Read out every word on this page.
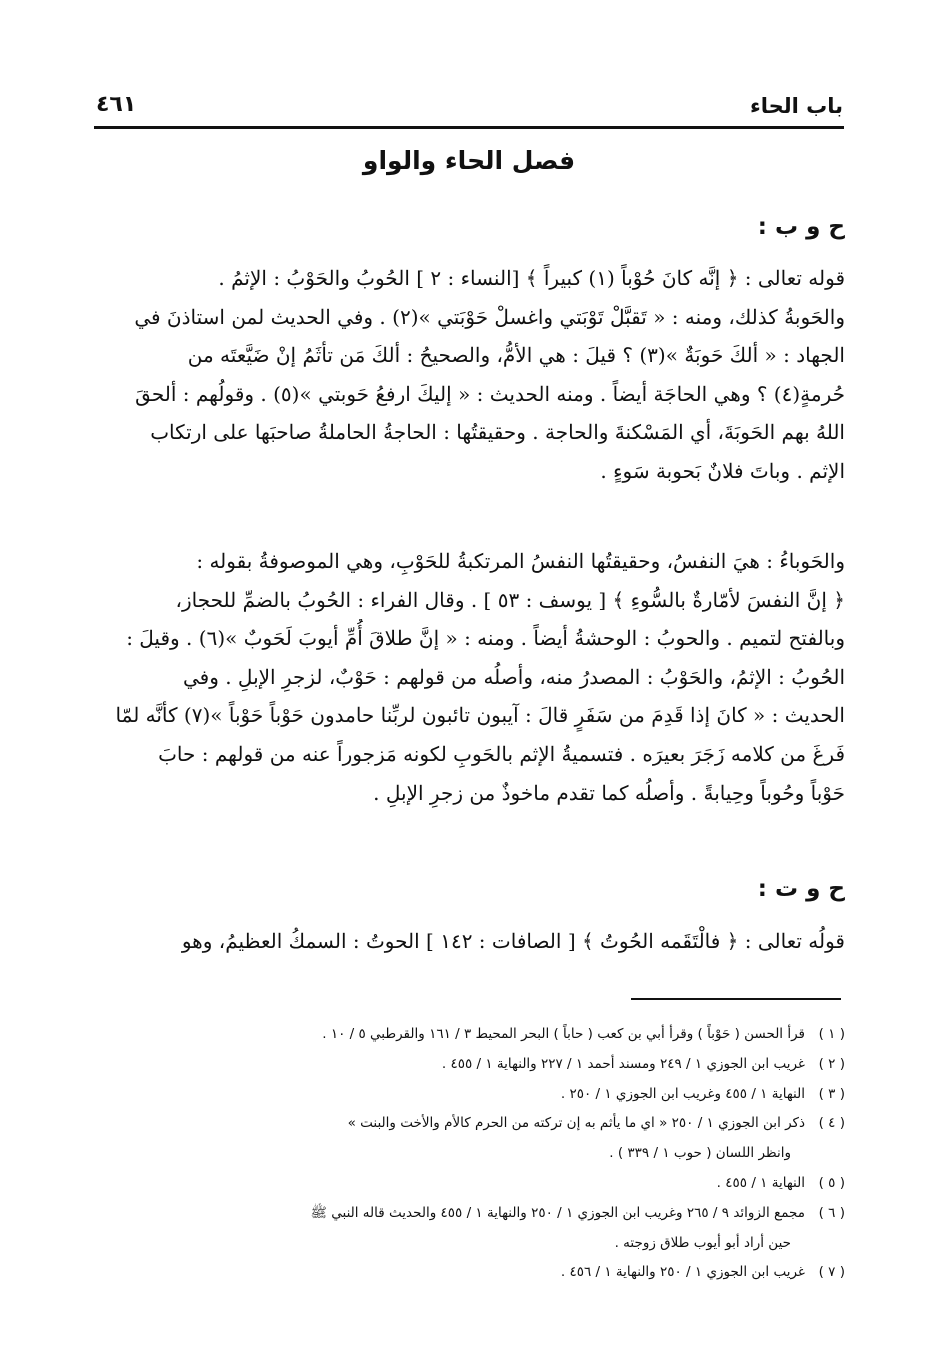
باب الحاء
٤٦١
فصل الحاء والواو
ح و ب :
قوله تعالى : ﴿ إنَّه كانَ حُوْباً (١) كبيراً ﴾ [النساء : ٢ ] الحُوبُ والحَوْبُ : الإثمُ .
والحَوبةُ كذلك، ومنه : « تَقبَّلْ تَوْبَتي واغسلْ حَوْبَتي »(٢) . وفي الحديث لمن استاذنَ في
الجهاد : « ألكَ حَوبَةٌ »(٣) ؟ قيلَ : هي الأمُّ، والصحيحُ : ألكَ مَن تأثَمُ إنْ ضَيَّعتَه من
حُرمةٍ(٤) ؟ وهي الحاجَة أيضاً . ومنه الحديث : « إليكَ ارفعُ حَوبتي »(٥) . وقولُهم : ألحقَ
اللهُ بهم الحَوبَةَ، أي المَسْكنةَ والحاجة . وحقيقتُها : الحاجةُ الحاملةُ صاحبَها على ارتكاب
الإثم . وباتَ فلانٌ بَحوبة سَوءٍ .
والحَوباءُ : هيَ النفسُ، وحقيقتُها النفسُ المرتكبةُ للحَوْبِ، وهي الموصوفةُ بقوله :
﴿ إنَّ النفسَ لأمّارةٌ بالسُّوءِ ﴾ [ يوسف : ٥٣ ] . وقال الفراء : الحُوبُ بالضمِّ للحجاز،
وبالفتح لتميم . والحوبُ : الوحشةُ أيضاً . ومنه : « إنَّ طلاقَ أُمِّ أيوبَ لَحَوبٌ »(٦) . وقيلَ :
الحُوبُ : الإثمُ، والحَوْبُ : المصدرُ منه، وأصلُه من قولهم : حَوْبٌ، لزجرِ الإبلِ . وفي
الحديث : « كانَ إذا قَدِمَ من سَفَرٍ قالَ : آيبون تائبون لربِّنا حامدون حَوْباً حَوْباً »(٧) كأنَّه لمّا
فَرغَ من كلامه زَجَرَ بعيرَه . فتسميةُ الإثم بالحَوبِ لكونه مَزجوراً عنه من قولهم : حابَ
حَوْباً وحُوباً وحِيابةً . وأصلُه كما تقدم ماخوذٌ من زجرِ الإبلِ .
ح و ت :
قولُه تعالى : ﴿ فالْتَقَمه الحُوتُ ﴾ [ الصافات : ١٤٢ ] الحوتُ : السمكُ العظيمُ، وهو
( ١ )قرأ الحسن ( حَوْباً ) وقرأ أبي بن كعب ( حاباً ) البحر المحيط ٣ / ١٦١ والقرطبي ٥ / ١٠ .
( ٢ )غريب ابن الجوزي ١ / ٢٤٩ ومسند أحمد ١ / ٢٢٧ والنهاية ١ / ٤٥٥ .
( ٣ )النهاية ١ / ٤٥٥ وغريب ابن الجوزي ١ / ٢٥٠ .
( ٤ )ذكر ابن الجوزي ١ / ٢٥٠ « اي ما يأثم به إن تركته من الحرم كالأم والأخت والبنت »
وانظر اللسان ( حوب ١ / ٣٣٩ ) .
( ٥ )النهاية ١ / ٤٥٥ .
( ٦ )مجمع الزوائد ٩ / ٢٦٥ وغريب ابن الجوزي ١ / ٢٥٠ والنهاية ١ / ٤٥٥ والحديث قاله النبي ﷺ
حين أراد أبو أيوب طلاق زوجته .
( ٧ )غريب ابن الجوزي ١ / ٢٥٠ والنهاية ١ / ٤٥٦ .
